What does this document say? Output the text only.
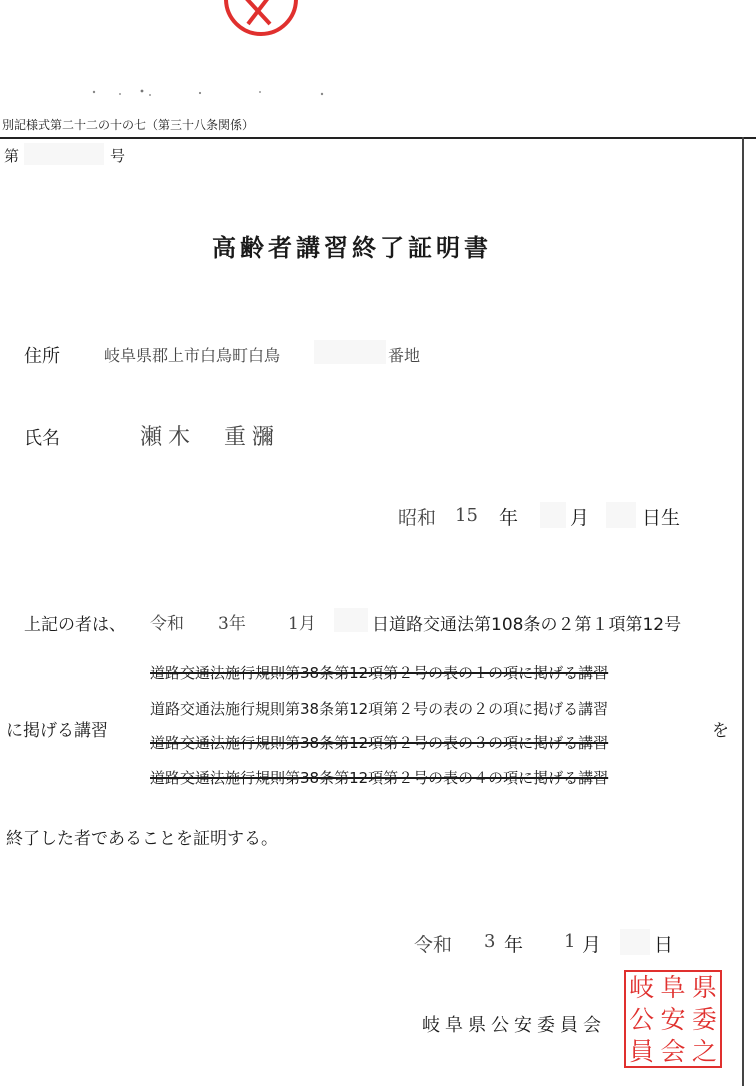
別記様式第二十二の十の七（第三十八条関係）
第	号
高齢者講習終了証明書
住所	岐阜県郡上市白鳥町白鳥	番地
氏名	瀬木　重瀰
昭和 15 年	月	日生
上記の者は、 令和 3年 1月	日道路交通法第108条の２第１項第12号
道路交通法施行規則第38条第12項第２号の表の１の項に掲げる講習
道路交通法施行規則第38条第12項第２号の表の２の項に掲げる講習
に掲げる講習	を
道路交通法施行規則第38条第12項第２号の表の３の項に掲げる講習
道路交通法施行規則第38条第12項第２号の表の４の項に掲げる講習
終了した者であることを証明する。
令和 3 年 1 月	日
岐阜県公安委員会
岐 阜 県
公 安 委
員 会 之
